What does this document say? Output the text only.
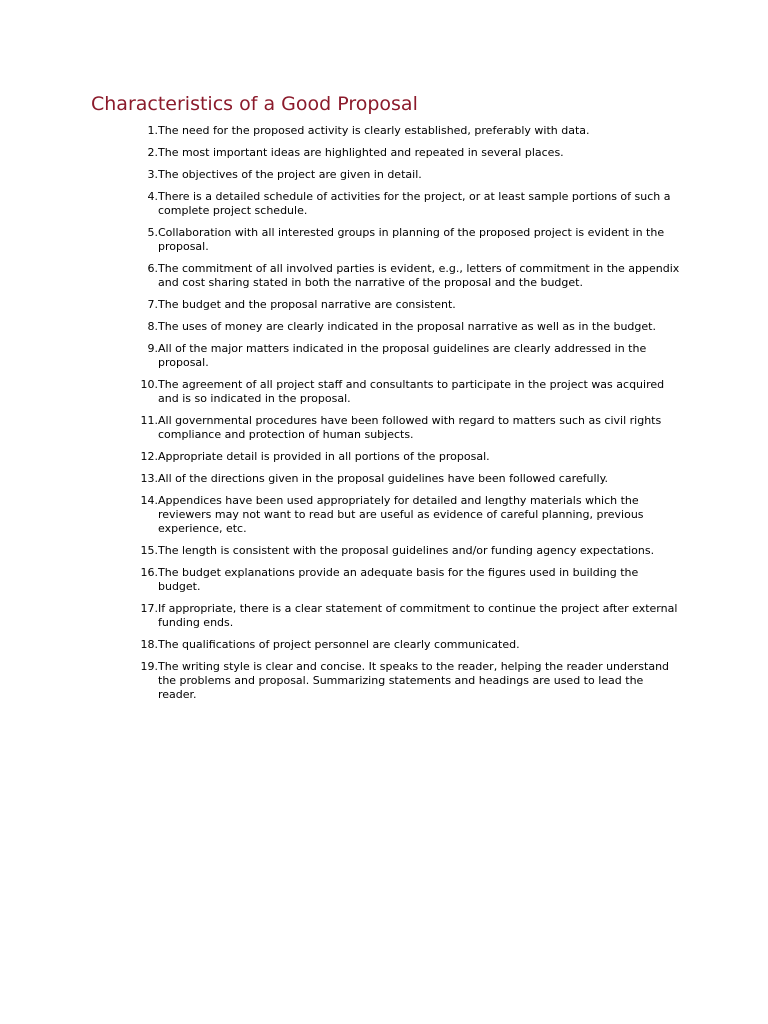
Characteristics of a Good Proposal
1. The need for the proposed activity is clearly established, preferably with data.
2. The most important ideas are highlighted and repeated in several places.
3. The objectives of the project are given in detail.
4. There is a detailed schedule of activities for the project, or at least sample portions of such a complete project schedule.
5. Collaboration with all interested groups in planning of the proposed project is evident in the proposal.
6. The commitment of all involved parties is evident, e.g., letters of commitment in the appendix and cost sharing stated in both the narrative of the proposal and the budget.
7. The budget and the proposal narrative are consistent.
8. The uses of money are clearly indicated in the proposal narrative as well as in the budget.
9. All of the major matters indicated in the proposal guidelines are clearly addressed in the proposal.
10. The agreement of all project staff and consultants to participate in the project was acquired and is so indicated in the proposal.
11. All governmental procedures have been followed with regard to matters such as civil rights compliance and protection of human subjects.
12. Appropriate detail is provided in all portions of the proposal.
13. All of the directions given in the proposal guidelines have been followed carefully.
14. Appendices have been used appropriately for detailed and lengthy materials which the reviewers may not want to read but are useful as evidence of careful planning, previous experience, etc.
15. The length is consistent with the proposal guidelines and/or funding agency expectations.
16. The budget explanations provide an adequate basis for the figures used in building the budget.
17. If appropriate, there is a clear statement of commitment to continue the project after external funding ends.
18. The qualifications of project personnel are clearly communicated.
19. The writing style is clear and concise. It speaks to the reader, helping the reader understand the problems and proposal. Summarizing statements and headings are used to lead the reader.
